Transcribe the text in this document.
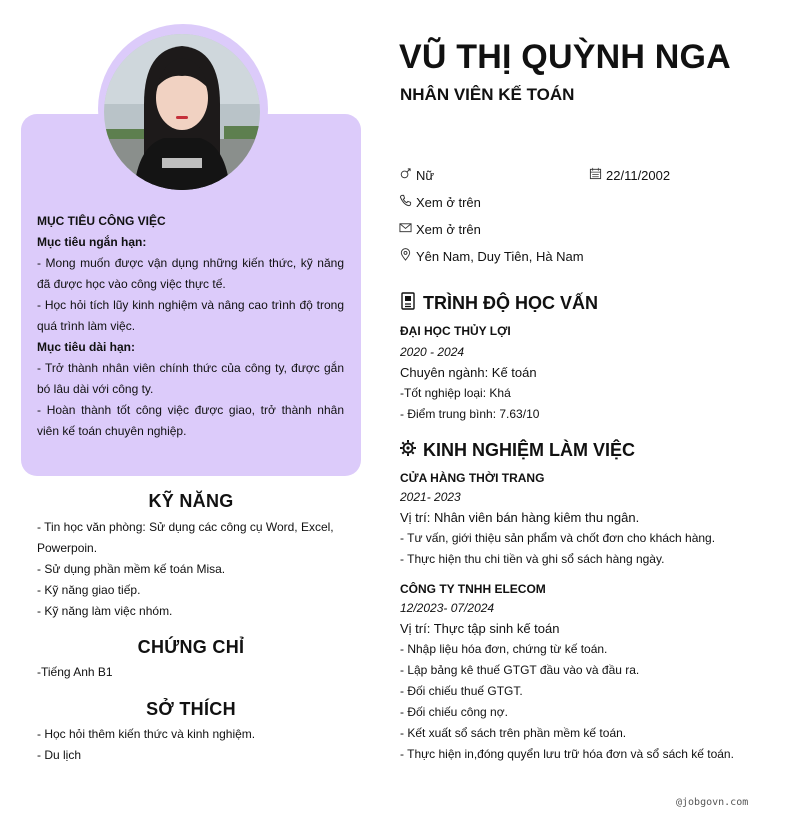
MỤC TIÊU CÔNG VIỆC

Mục tiêu ngắn hạn:

- Mong muốn được vận dụng những kiến thức, kỹ năng đã được học vào công việc thực tế.

- Học hỏi tích lũy kinh nghiệm và nâng cao trình độ trong quá trình làm việc.

Mục tiêu dài hạn:

- Trở thành nhân viên chính thức của công ty, được gắn bó lâu dài với công ty.

- Hoàn thành tốt công việc được giao, trở thành nhân viên kế toán chuyên nghiệp.

KỸ NĂNG

- Tin học văn phòng: Sử dụng các công cụ Word, Excel, Powerpoin.

- Sử dụng phần mềm kế toán Misa.

- Kỹ năng giao tiếp.

- Kỹ năng làm việc nhóm.

CHỨNG CHỈ

-Tiếng Anh B1

SỞ THÍCH

- Học hỏi thêm kiến thức và kinh nghiệm.

- Du lịch

VŨ THỊ QUỲNH NGA
NHÂN VIÊN KẾ TOÁN
Nữ	22/11/2002
Xem ở trên
Xem ở trên
Yên Nam, Duy Tiên, Hà Nam
TRÌNH ĐỘ HỌC VẤN

ĐẠI HỌC THỦY LỢI

2020 - 2024

Chuyên ngành: Kế toán

-Tốt nghiệp loại: Khá

- Điểm trung bình: 7.63/10

KINH NGHIỆM LÀM VIỆC

CỬA HÀNG THỜI TRANG

2021- 2023

Vị trí: Nhân viên bán hàng kiêm thu ngân.

- Tư vấn, giới thiệu sản phẩm và chốt đơn cho khách hàng.

- Thực hiện thu chi tiền và ghi sổ sách hàng ngày.

CÔNG TY TNHH ELECOM

12/2023- 07/2024

Vị trí: Thực tập sinh kế toán

- Nhập liệu hóa đơn, chứng từ kế toán.

- Lập bảng kê thuế GTGT đầu vào và đầu ra.

- Đối chiếu thuế GTGT.

- Đối chiếu công nợ.

- Kết xuất sổ sách trên phần mềm kế toán.

- Thực hiện in,đóng quyển lưu trữ hóa đơn và sổ sách kế toán.

@jobgovn.com
